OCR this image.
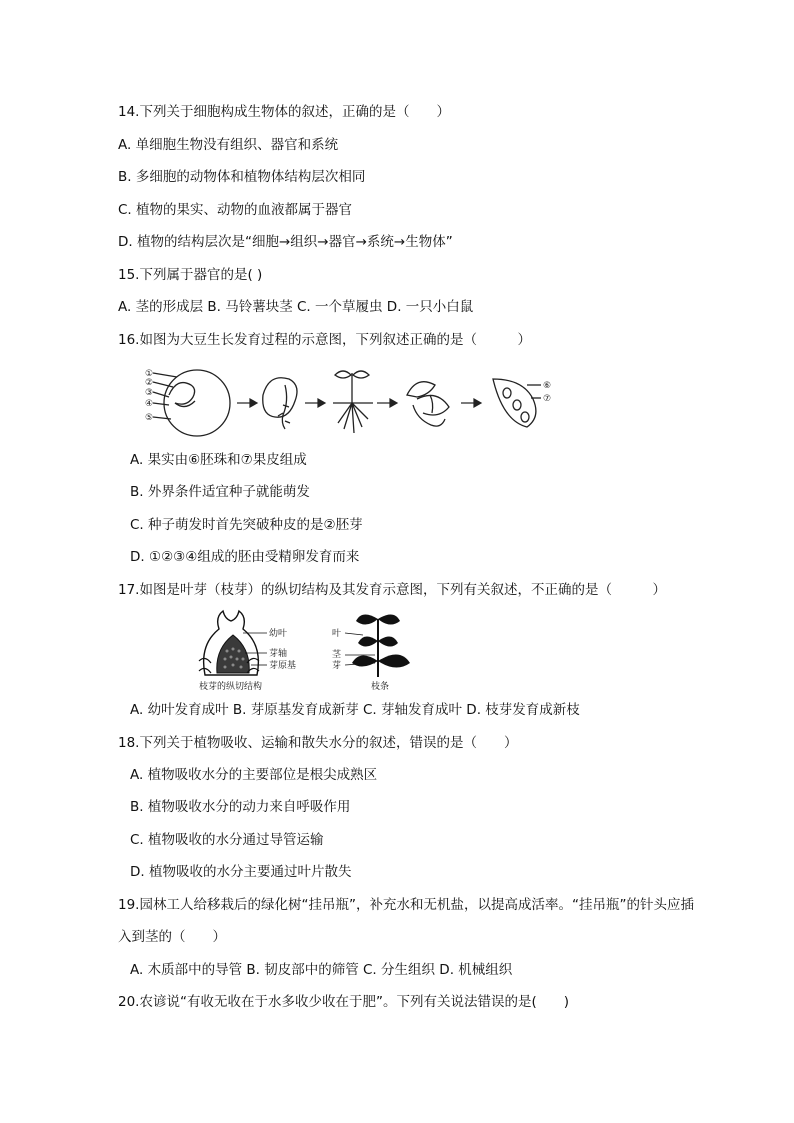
14.下列关于细胞构成生物体的叙述，正确的是（　　）
A. 单细胞生物没有组织、器官和系统
B. 多细胞的动物体和植物体结构层次相同
C. 植物的果实、动物的血液都属于器官
D. 植物的结构层次是“细胞→组织→器官→系统→生物体”
15.下列属于器官的是( )
A. 茎的形成层 B. 马铃薯块茎 C. 一个草履虫 D. 一只小白鼠
16.如图为大豆生长发育过程的示意图，下列叙述正确的是（　　　）
①
②
③
④
⑤
⑥
⑦
A. 果实由⑥胚珠和⑦果皮组成
B. 外界条件适宜种子就能萌发
C. 种子萌发时首先突破种皮的是②胚芽
D. ①②③④组成的胚由受精卵发育而来
17.如图是叶芽（枝芽）的纵切结构及其发育示意图，下列有关叙述，不正确的是（　　　）
幼叶
芽轴
芽原基
枝芽的纵切结构
叶
茎
芽
枝条
A. 幼叶发育成叶 B. 芽原基发育成新芽 C. 芽轴发育成叶 D. 枝芽发育成新枝
18.下列关于植物吸收、运输和散失水分的叙述，错误的是（　　）
A. 植物吸收水分的主要部位是根尖成熟区
B. 植物吸收水分的动力来自呼吸作用
C. 植物吸收的水分通过导管运输
D. 植物吸收的水分主要通过叶片散失
19.园林工人给移栽后的绿化树“挂吊瓶”，补充水和无机盐，以提高成活率。“挂吊瓶”的针头应插
入到茎的（　　）
A. 木质部中的导管 B. 韧皮部中的筛管 C. 分生组织 D. 机械组织
20.农谚说“有收无收在于水多收少收在于肥”。下列有关说法错误的是(　　)
